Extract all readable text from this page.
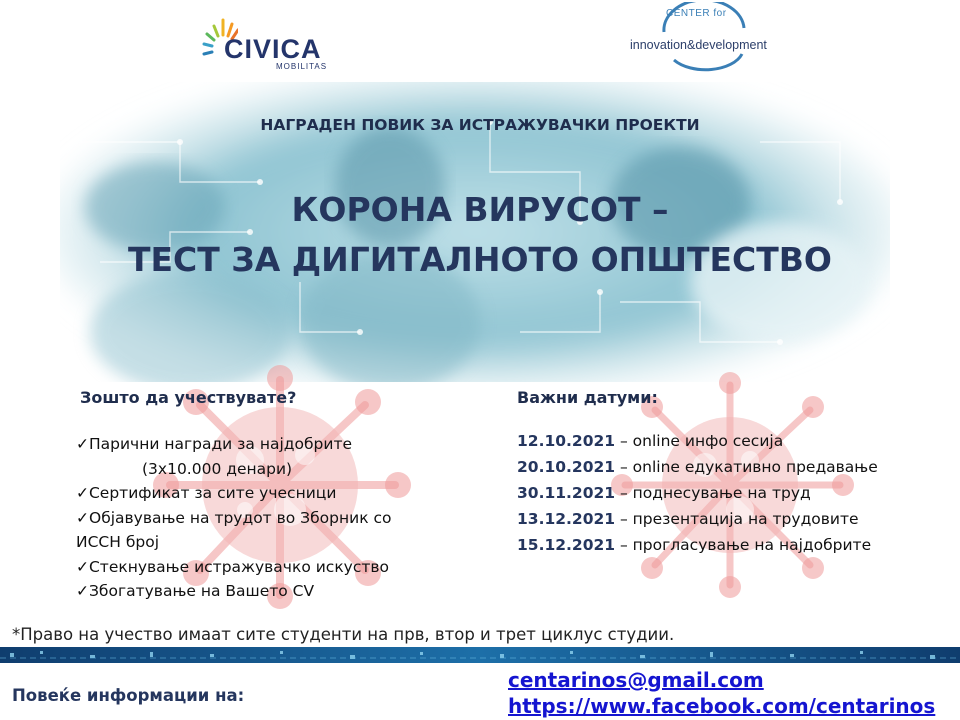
CIVICA
MOBILITAS
CENTER for
innovation&development
НАГРАДЕН ПОВИК ЗА ИСТРАЖУВАЧКИ ПРОЕКТИ
КОРОНА ВИРУСОТ –
ТЕСТ ЗА ДИГИТАЛНОТО ОПШТЕСТВО
Зошто да учествувате?
✓Парични награди за најдобрите
(3х10.000 денари)
✓Сертификат за сите учесници
✓Објавување на трудот во Зборник со
ИССН број
✓Стекнување истражувачко искуство
✓Збогатување на Вашето CV
Важни датуми:
12.10.2021 – online инфо сесија
20.10.2021 – online едукативно предавање
30.11.2021 – поднесување на труд
13.12.2021 – презентација на трудовите
15.12.2021 – прогласување на најдобрите
*Право на учество имаат сите студенти на прв, втор и трет циклус студии.
Повеќе информации на:
centarinos@gmail.com
https://www.facebook.com/centarinos
